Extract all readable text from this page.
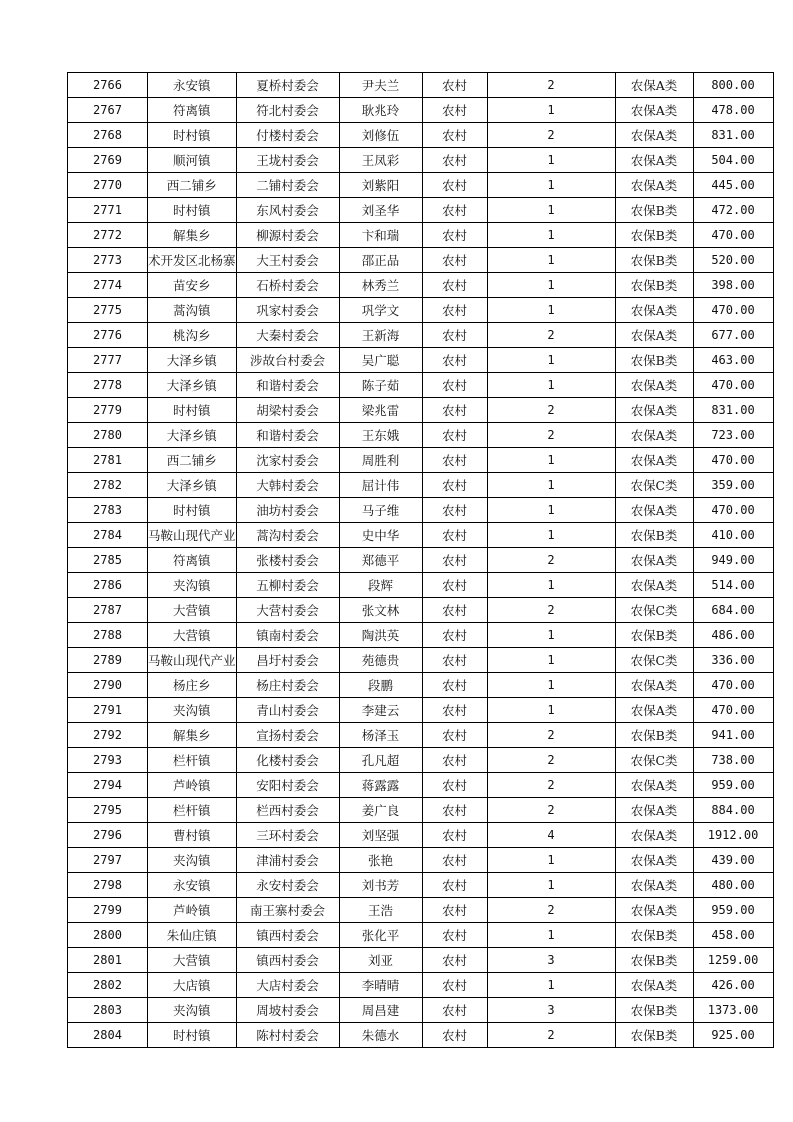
2766	永安镇	夏桥村委会	尹夫兰	农村	2	农保A类	800.00
2767	符离镇	符北村委会	耿兆玲	农村	1	农保A类	478.00
2768	时村镇	付楼村委会	刘修伍	农村	2	农保A类	831.00
2769	顺河镇	王垅村委会	王凤彩	农村	1	农保A类	504.00
2770	西二铺乡	二铺村委会	刘紫阳	农村	1	农保A类	445.00
2771	时村镇	东风村委会	刘圣华	农村	1	农保B类	472.00
2772	解集乡	柳源村委会	卞和瑞	农村	1	农保B类	470.00
2773	术开发区北杨寨	大王村委会	邵正品	农村	1	农保B类	520.00
2774	苗安乡	石桥村委会	林秀兰	农村	1	农保B类	398.00
2775	蒿沟镇	巩家村委会	巩学文	农村	1	农保A类	470.00
2776	桃沟乡	大秦村委会	王新海	农村	2	农保A类	677.00
2777	大泽乡镇	涉故台村委会	吴广聪	农村	1	农保B类	463.00
2778	大泽乡镇	和谐村委会	陈子茹	农村	1	农保A类	470.00
2779	时村镇	胡梁村委会	梁兆雷	农村	2	农保A类	831.00
2780	大泽乡镇	和谐村委会	王东娥	农村	2	农保A类	723.00
2781	西二铺乡	沈家村委会	周胜利	农村	1	农保A类	470.00
2782	大泽乡镇	大韩村委会	屈计伟	农村	1	农保C类	359.00
2783	时村镇	油坊村委会	马子维	农村	1	农保A类	470.00
2784	马鞍山现代产业	蒿沟村委会	史中华	农村	1	农保B类	410.00
2785	符离镇	张楼村委会	郑德平	农村	2	农保A类	949.00
2786	夹沟镇	五柳村委会	段辉	农村	1	农保A类	514.00
2787	大营镇	大营村委会	张文林	农村	2	农保C类	684.00
2788	大营镇	镇南村委会	陶洪英	农村	1	农保B类	486.00
2789	马鞍山现代产业	昌圩村委会	苑德贵	农村	1	农保C类	336.00
2790	杨庄乡	杨庄村委会	段鹏	农村	1	农保A类	470.00
2791	夹沟镇	青山村委会	李建云	农村	1	农保A类	470.00
2792	解集乡	宣扬村委会	杨泽玉	农村	2	农保B类	941.00
2793	栏杆镇	化楼村委会	孔凡超	农村	2	农保C类	738.00
2794	芦岭镇	安阳村委会	蒋露露	农村	2	农保A类	959.00
2795	栏杆镇	栏西村委会	姜广良	农村	2	农保A类	884.00
2796	曹村镇	三环村委会	刘坚强	农村	4	农保A类	1912.00
2797	夹沟镇	津浦村委会	张艳	农村	1	农保A类	439.00
2798	永安镇	永安村委会	刘书芳	农村	1	农保A类	480.00
2799	芦岭镇	南王寨村委会	王浩	农村	2	农保A类	959.00
2800	朱仙庄镇	镇西村委会	张化平	农村	1	农保B类	458.00
2801	大营镇	镇西村委会	刘亚	农村	3	农保B类	1259.00
2802	大店镇	大店村委会	李晴晴	农村	1	农保A类	426.00
2803	夹沟镇	周坡村委会	周昌建	农村	3	农保B类	1373.00
2804	时村镇	陈村村委会	朱德水	农村	2	农保B类	925.00
